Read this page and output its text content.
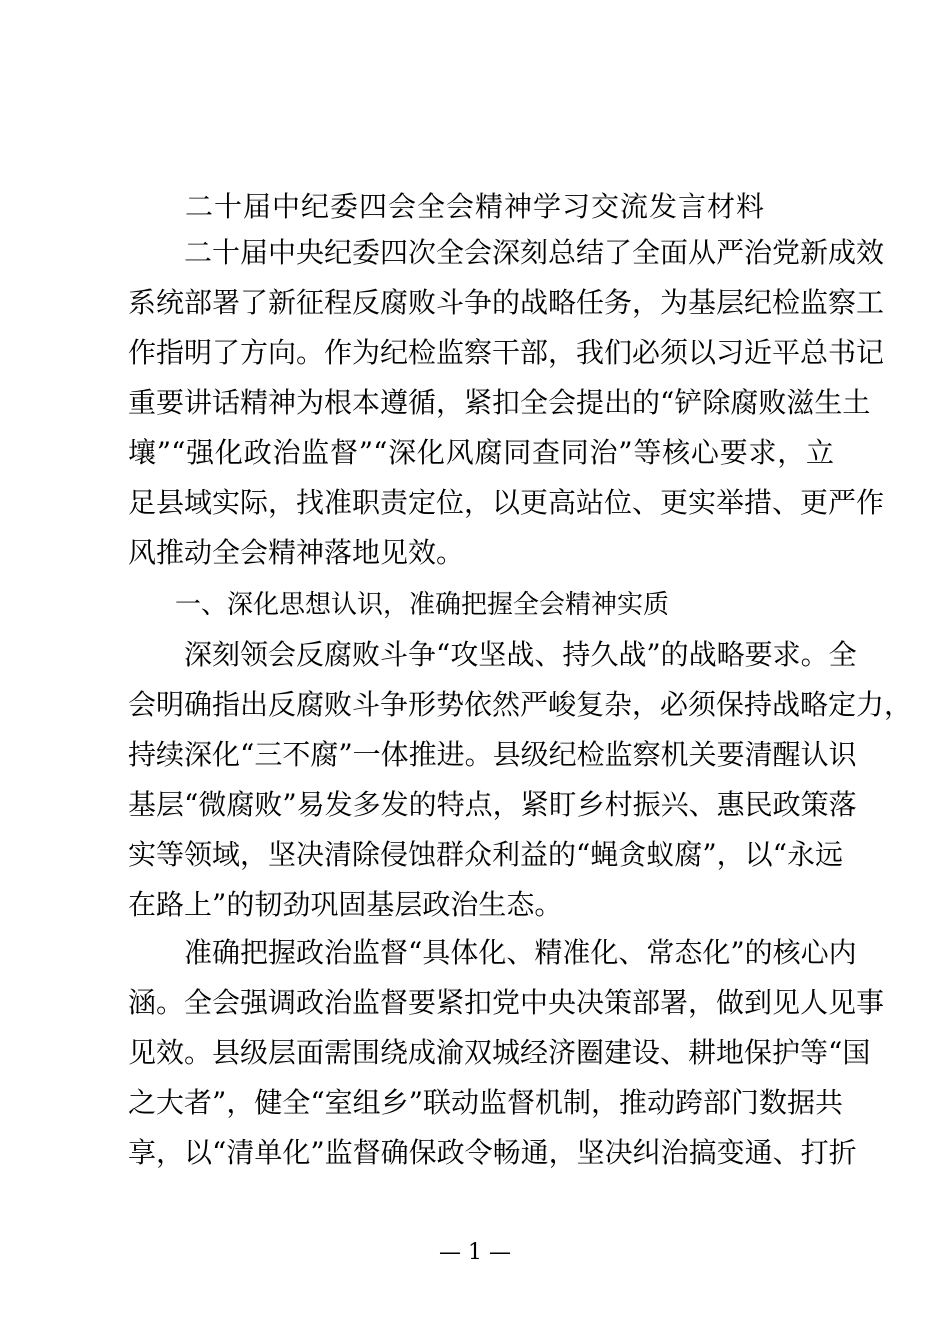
二十届中纪委四会全会精神学习交流发言材料
二十届中央纪委四次全会深刻总结了全面从严治党新成效
系统部署了新征程反腐败斗争的战略任务，为基层纪检监察工
作指明了方向。作为纪检监察干部，我们必须以习近平总书记
重要讲话精神为根本遵循，紧扣全会提出的“铲除腐败滋生土
壤”“强化政治监督”“深化风腐同查同治”等核心要求，立
足县域实际，找准职责定位，以更高站位、更实举措、更严作
风推动全会精神落地见效。
一、深化思想认识，准确把握全会精神实质
深刻领会反腐败斗争“攻坚战、持久战”的战略要求。全
会明确指出反腐败斗争形势依然严峻复杂，必须保持战略定力，
持续深化“三不腐”一体推进。县级纪检监察机关要清醒认识
基层“微腐败”易发多发的特点，紧盯乡村振兴、惠民政策落
实等领域，坚决清除侵蚀群众利益的“蝇贪蚁腐”，以“永远
在路上”的韧劲巩固基层政治生态。
准确把握政治监督“具体化、精准化、常态化”的核心内
涵。全会强调政治监督要紧扣党中央决策部署，做到见人见事
见效。县级层面需围绕成渝双城经济圈建设、耕地保护等“国
之大者”，健全“室组乡”联动监督机制，推动跨部门数据共
享，以“清单化”监督确保政令畅通，坚决纠治搞变通、打折
— 1 —
